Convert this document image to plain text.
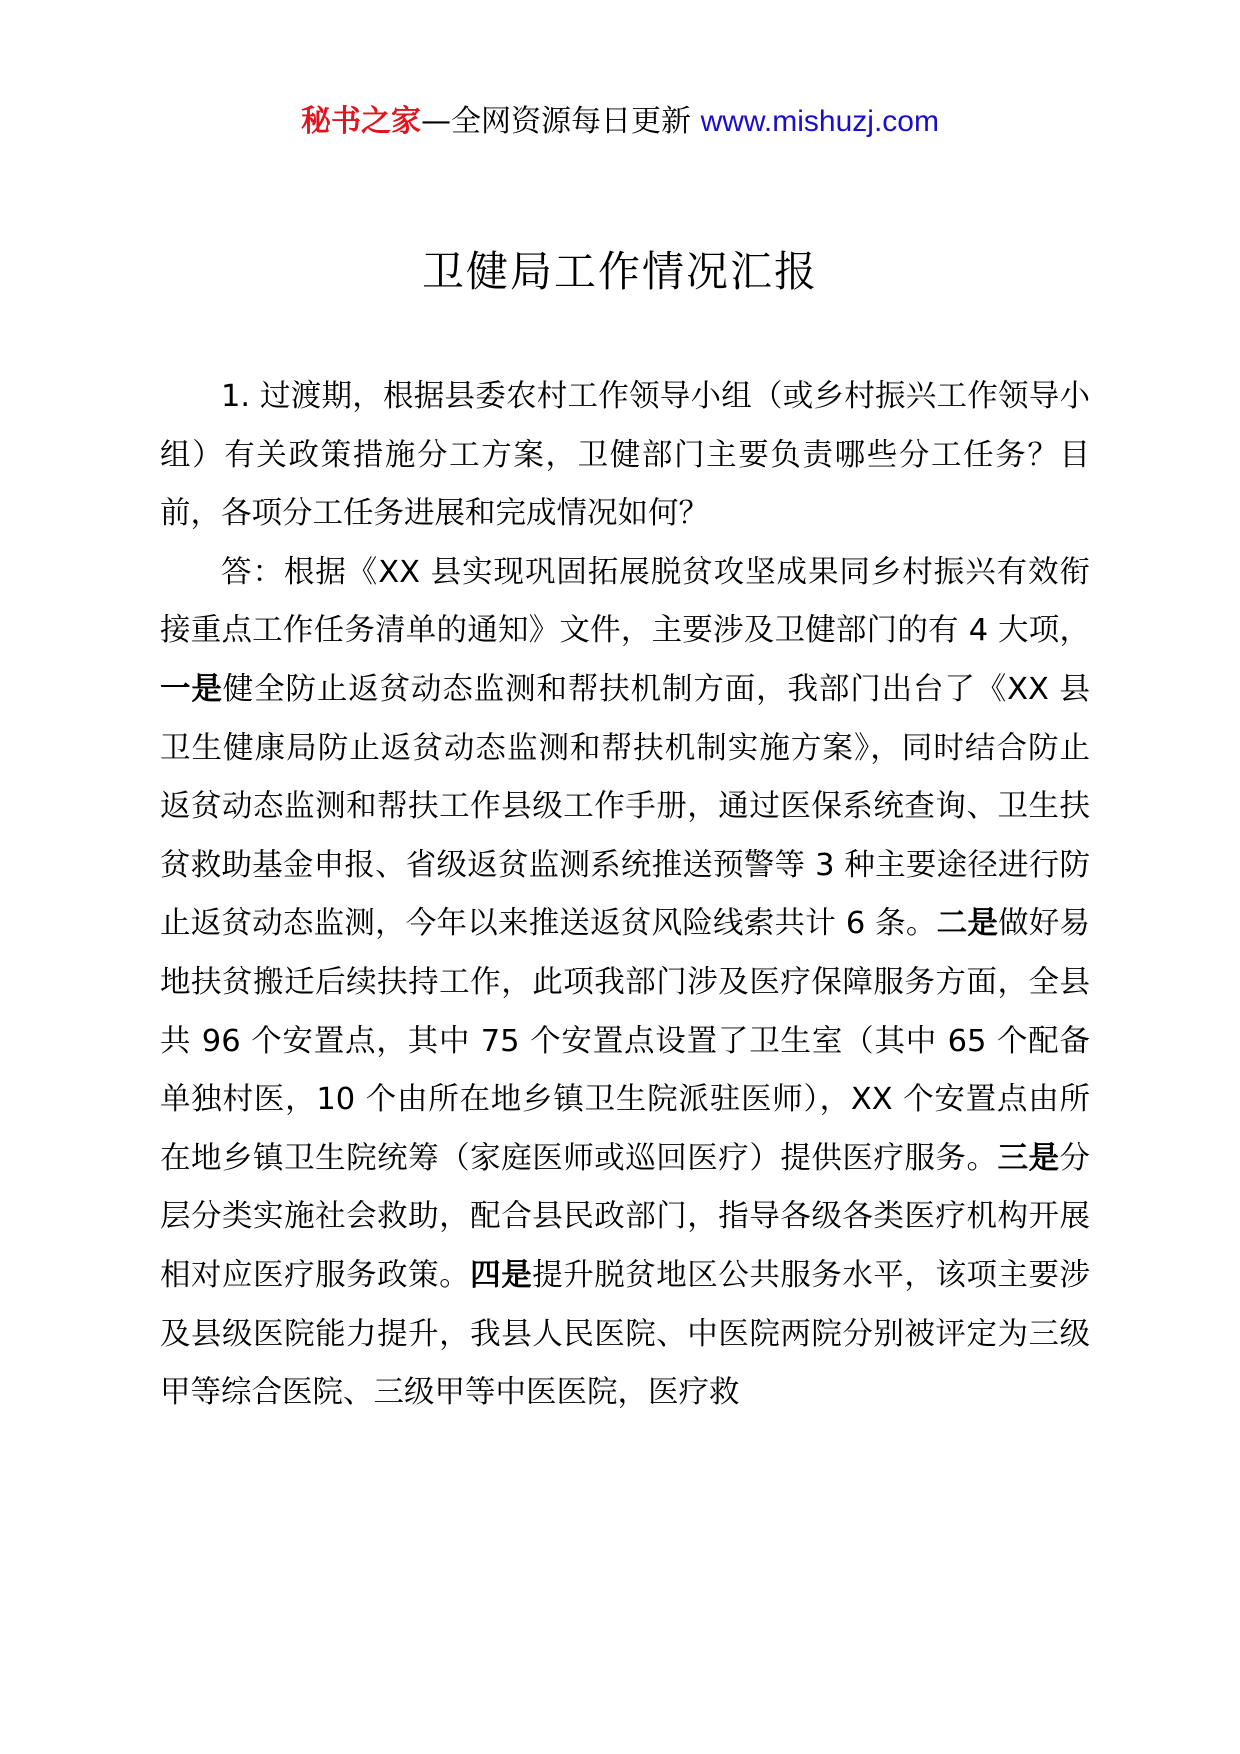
秘书之家—全网资源每日更新 www.mishuzj.com
卫健局工作情况汇报

1. 过渡期，根据县委农村工作领导小组（或乡村振兴工作领导小组）有关政策措施分工方案，卫健部门主要负责哪些分工任务？目前，各项分工任务进展和完成情况如何？

答：根据《XX 县实现巩固拓展脱贫攻坚成果同乡村振兴有效衔接重点工作任务清单的通知》文件，主要涉及卫健部门的有 4 大项，一是健全防止返贫动态监测和帮扶机制方面，我部门出台了《XX 县卫生健康局防止返贫动态监测和帮扶机制实施方案》，同时结合防止返贫动态监测和帮扶工作县级工作手册，通过医保系统查询、卫生扶贫救助基金申报、省级返贫监测系统推送预警等 3 种主要途径进行防止返贫动态监测，今年以来推送返贫风险线索共计 6 条。二是做好易地扶贫搬迁后续扶持工作，此项我部门涉及医疗保障服务方面，全县共 96 个安置点，其中 75 个安置点设置了卫生室（其中 65 个配备单独村医，10 个由所在地乡镇卫生院派驻医师），XX 个安置点由所在地乡镇卫生院统筹（家庭医师或巡回医疗）提供医疗服务。三是分层分类实施社会救助，配合县民政部门，指导各级各类医疗机构开展相对应医疗服务政策。四是提升脱贫地区公共服务水平，该项主要涉及县级医院能力提升，我县人民医院、中医院两院分别被评定为三级甲等综合医院、三级甲等中医医院，医疗救
